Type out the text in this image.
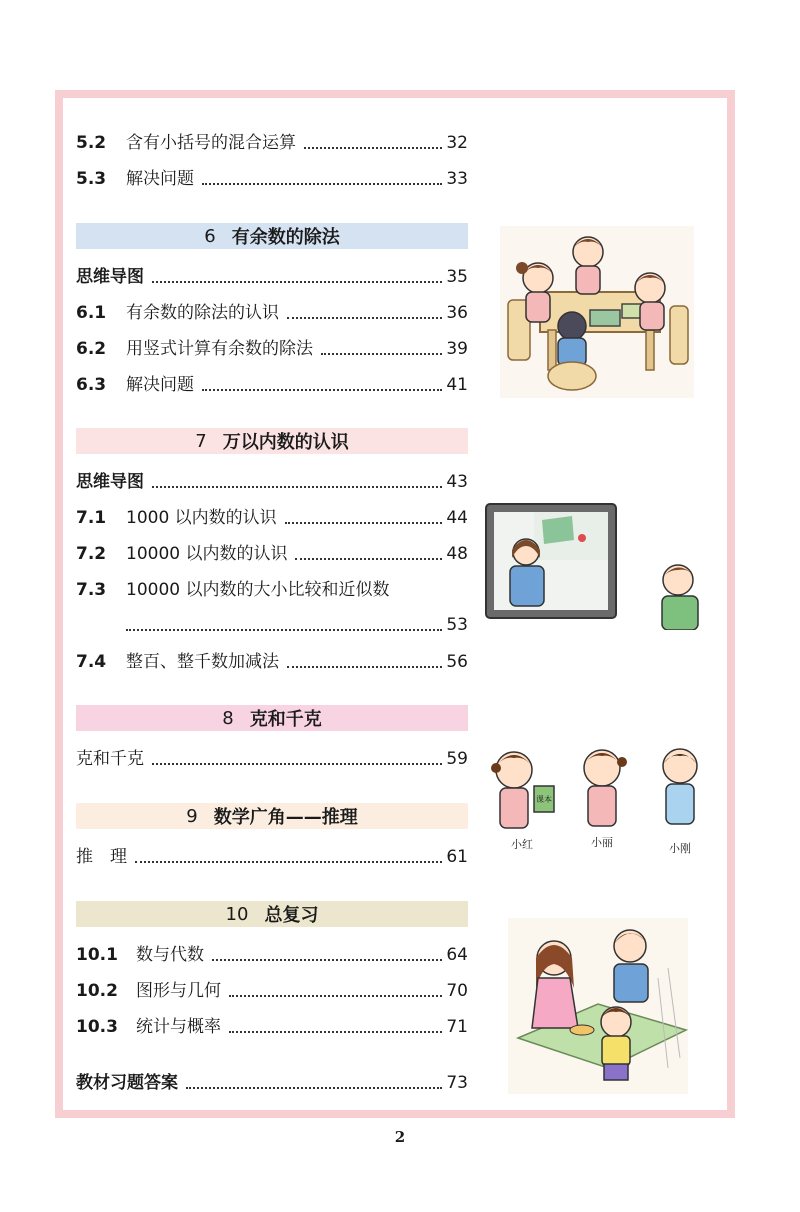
5.2	含有小括号的混合运算	32
5.3	解决问题	33
6 有余数的除法
思维导图	35
6.1	有余数的除法的认识	36
6.2	用竖式计算有余数的除法	39
6.3	解决问题	41
7 万以内数的认识
思维导图	43
7.1	1000 以内数的认识	44
7.2	10000 以内数的认识	48
7.3	10000 以内数的大小比较和近似数
53
7.4	整百、整千数加减法	56
8 克和千克
克和千克	59
9 数学广角——推理
推　理	61
10 总复习
10.1	数与代数	64
10.2	图形与几何	70
10.3	统计与概率	71
教材习题答案	73
课本
小红	小丽	小刚
2
